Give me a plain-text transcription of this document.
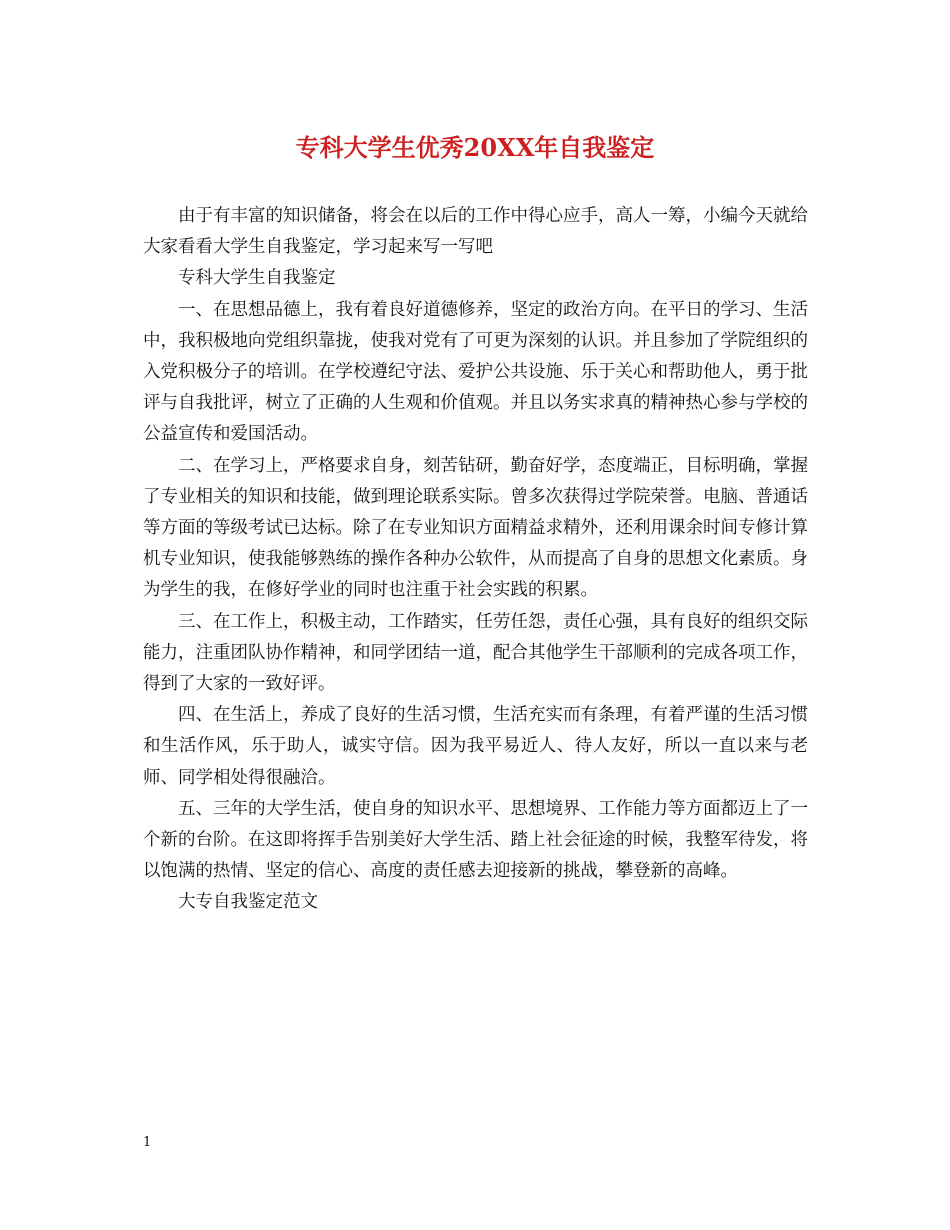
专科大学生优秀20XX年自我鉴定

由于有丰富的知识储备，将会在以后的工作中得心应手，高人一筹，小编今天就给大家看看大学生自我鉴定，学习起来写一写吧

专科大学生自我鉴定

一、在思想品德上，我有着良好道德修养，坚定的政治方向。在平日的学习、生活中，我积极地向党组织靠拢，使我对党有了可更为深刻的认识。并且参加了学院组织的入党积极分子的培训。在学校遵纪守法、爱护公共设施、乐于关心和帮助他人，勇于批评与自我批评，树立了正确的人生观和价值观。并且以务实求真的精神热心参与学校的公益宣传和爱国活动。

二、在学习上，严格要求自身，刻苦钻研，勤奋好学，态度端正，目标明确，掌握了专业相关的知识和技能，做到理论联系实际。曾多次获得过学院荣誉。电脑、普通话等方面的等级考试已达标。除了在专业知识方面精益求精外，还利用课余时间专修计算机专业知识，使我能够熟练的操作各种办公软件，从而提高了自身的思想文化素质。身为学生的我，在修好学业的同时也注重于社会实践的积累。

三、在工作上，积极主动，工作踏实，任劳任怨，责任心强，具有良好的组织交际能力，注重团队协作精神，和同学团结一道，配合其他学生干部顺利的完成各项工作，得到了大家的一致好评。

四、在生活上，养成了良好的生活习惯，生活充实而有条理，有着严谨的生活习惯和生活作风，乐于助人，诚实守信。因为我平易近人、待人友好，所以一直以来与老师、同学相处得很融洽。

五、三年的大学生活，使自身的知识水平、思想境界、工作能力等方面都迈上了一个新的台阶。在这即将挥手告别美好大学生活、踏上社会征途的时候，我整军待发，将以饱满的热情、坚定的信心、高度的责任感去迎接新的挑战，攀登新的高峰。

大专自我鉴定范文

1
